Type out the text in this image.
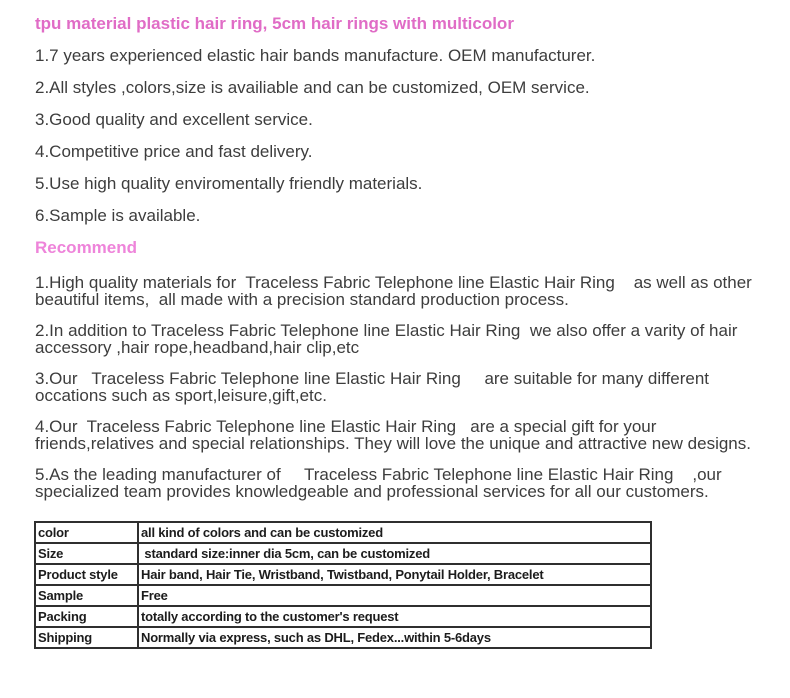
tpu material plastic hair ring, 5cm hair rings with multicolor
1.7 years experienced elastic hair bands manufacture. OEM manufacturer.
2.All styles ,colors,size is availiable and can be customized, OEM service.
3.Good quality and excellent service.
4.Competitive price and fast delivery.
5.Use high quality enviromentally friendly materials.
6.Sample is available.
Recommend

1.High quality materials for  Traceless Fabric Telephone line Elastic Hair Ring    as well as other beautiful items,  all made with a precision standard production process.

2.In addition to Traceless Fabric Telephone line Elastic Hair Ring  we also offer a varity of hair accessory ,hair rope,headband,hair clip,etc

3.Our   Traceless Fabric Telephone line Elastic Hair Ring     are suitable for many different occations such as sport,leisure,gift,etc.

4.Our  Traceless Fabric Telephone line Elastic Hair Ring   are a special gift for your friends,relatives and special relationships. They will love the unique and attractive new designs.

5.As the leading manufacturer of     Traceless Fabric Telephone line Elastic Hair Ring    ,our specialized team provides knowledgeable and professional services for all our customers.

color	all kind of colors and can be customized
Size	standard size:inner dia 5cm, can be customized
Product style	Hair band, Hair Tie, Wristband, Twistband, Ponytail Holder, Bracelet
Sample	Free
Packing	totally according to the customer's request
Shipping	Normally via express, such as DHL, Fedex...within 5-6days
